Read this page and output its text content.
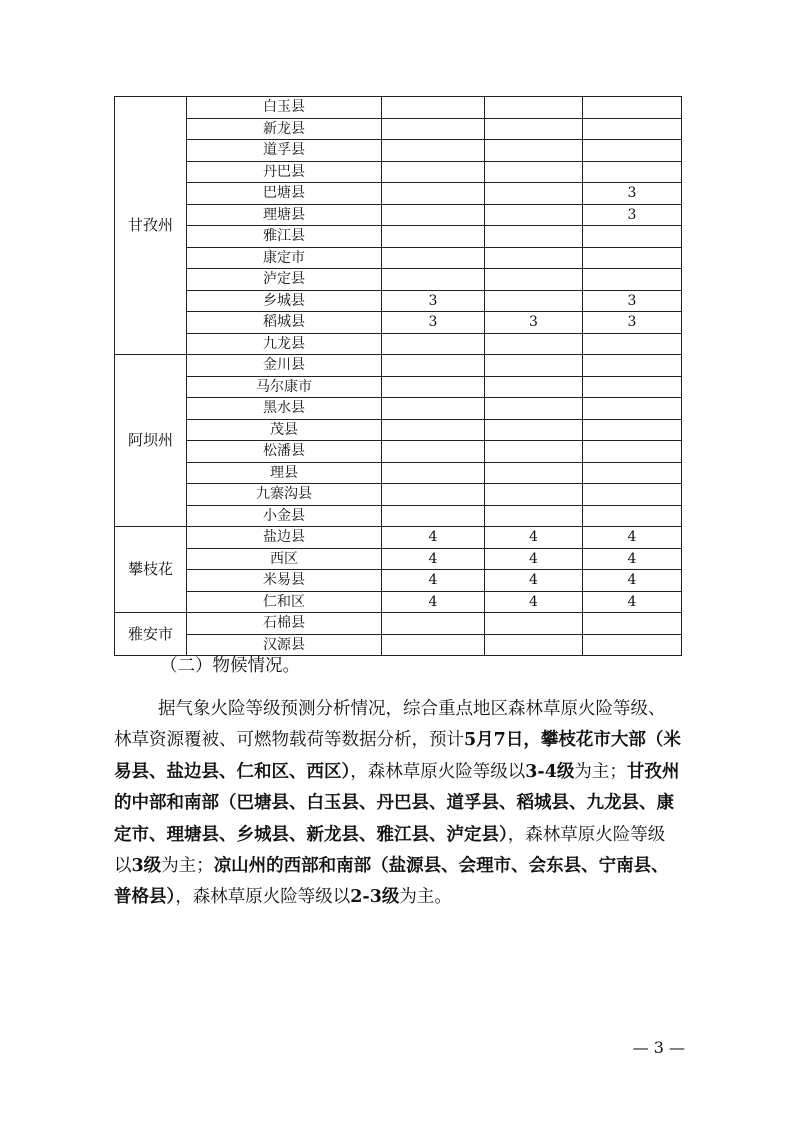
甘孜州	白玉县			
	新龙县			
	道孚县			
	丹巴县			
	巴塘县			3
	理塘县			3
	雅江县			
	康定市			
	泸定县			
	乡城县	3		3
	稻城县	3	3	3
	九龙县			
阿坝州	金川县			
	马尔康市			
	黑水县			
	茂县			
	松潘县			
	理县			
	九寨沟县			
	小金县			
攀枝花	盐边县	4	4	4
	西区	4	4	4
	米易县	4	4	4
	仁和区	4	4	4
雅安市	石棉县			
	汉源县			

（二）物候情况。

据气象火险等级预测分析情况，综合重点地区森林草原火险等级、林草资源覆被、可燃物载荷等数据分析，预计5月7日，攀枝花市大部（米易县、盐边县、仁和区、西区），森林草原火险等级以3-4级为主；甘孜州的中部和南部（巴塘县、白玉县、丹巴县、道孚县、稻城县、九龙县、康定市、理塘县、乡城县、新龙县、雅江县、泸定县），森林草原火险等级以3级为主；凉山州的西部和南部（盐源县、会理市、会东县、宁南县、普格县），森林草原火险等级以2-3级为主。

— 3 —
